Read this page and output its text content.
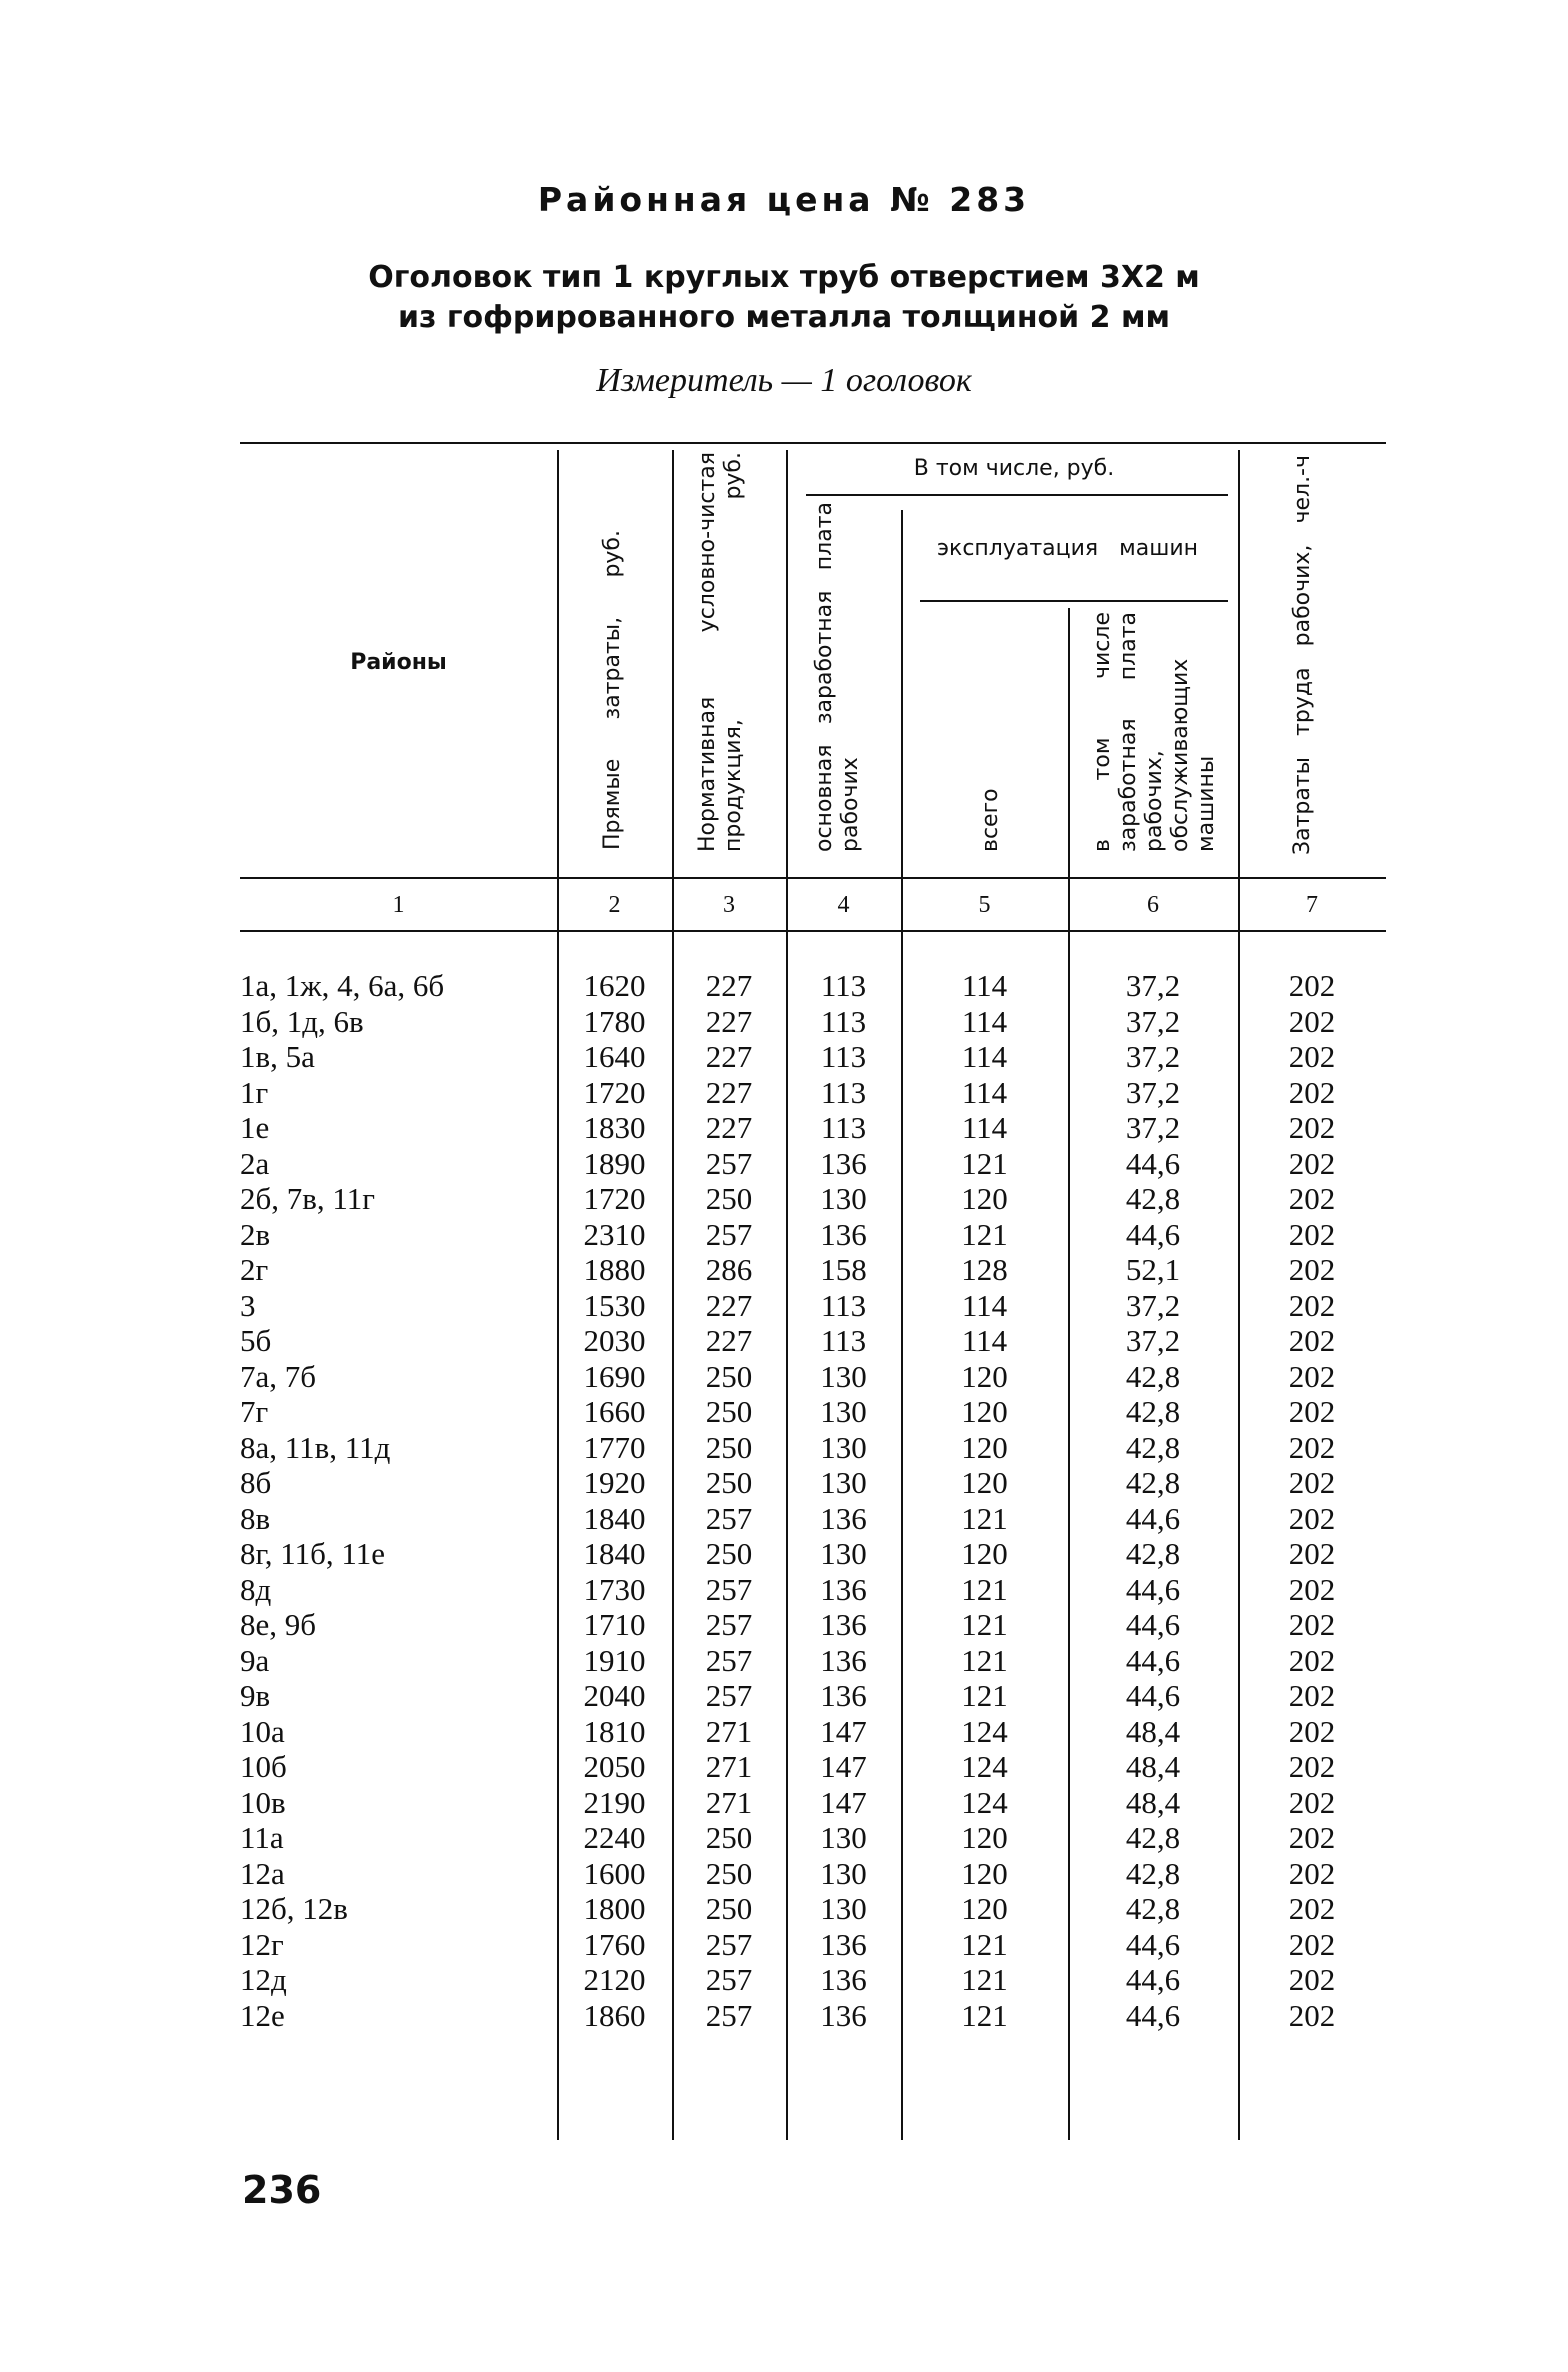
Районная цена № 283
Оголовок тип 1 круглых труб отверстием 3Х2 м
из гофрированного металла толщиной 2 мм
Измеритель — 1 оголовок
Районы	Прямые затраты, руб.	Нормативная условно-чистая продукция, руб.	В том числе, руб.
основная заработная плата рабочих
эксплуатация машин
всего	в том числе заработная плата рабочих, обслуживающих машины	Затраты труда рабочих, чел.-ч
1	2	3	4	5	6	7
1а, 1ж, 4, 6а, 6б	1620	227	113	114	37,2	202
1б, 1д, 6в	1780	227	113	114	37,2	202
1в, 5а	1640	227	113	114	37,2	202
1г	1720	227	113	114	37,2	202
1е	1830	227	113	114	37,2	202
2а	1890	257	136	121	44,6	202
2б, 7в, 11г	1720	250	130	120	42,8	202
2в	2310	257	136	121	44,6	202
2г	1880	286	158	128	52,1	202
3	1530	227	113	114	37,2	202
5б	2030	227	113	114	37,2	202
7а, 7б	1690	250	130	120	42,8	202
7г	1660	250	130	120	42,8	202
8а, 11в, 11д	1770	250	130	120	42,8	202
8б	1920	250	130	120	42,8	202
8в	1840	257	136	121	44,6	202
8г, 11б, 11е	1840	250	130	120	42,8	202
8д	1730	257	136	121	44,6	202
8е, 9б	1710	257	136	121	44,6	202
9а	1910	257	136	121	44,6	202
9в	2040	257	136	121	44,6	202
10а	1810	271	147	124	48,4	202
10б	2050	271	147	124	48,4	202
10в	2190	271	147	124	48,4	202
11а	2240	250	130	120	42,8	202
12а	1600	250	130	120	42,8	202
12б, 12в	1800	250	130	120	42,8	202
12г	1760	257	136	121	44,6	202
12д	2120	257	136	121	44,6	202
12е	1860	257	136	121	44,6	202
236
